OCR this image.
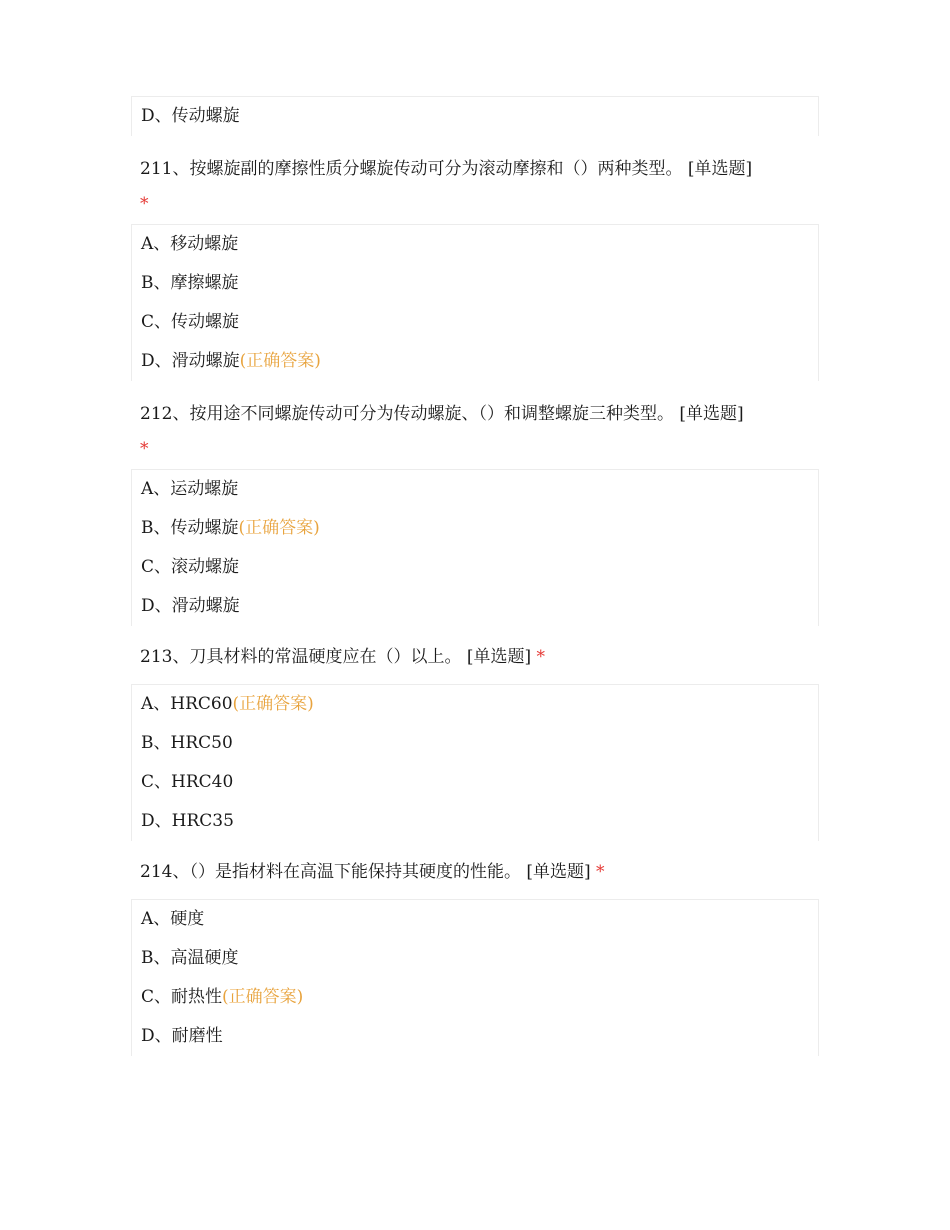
D、传动螺旋
211、按螺旋副的摩擦性质分螺旋传动可分为滚动摩擦和（）两种类型。 [单选题]
*
A、移动螺旋
B、摩擦螺旋
C、传动螺旋
D、滑动螺旋(正确答案)
212、按用途不同螺旋传动可分为传动螺旋、（）和调整螺旋三种类型。 [单选题]
*
A、运动螺旋
B、传动螺旋(正确答案)
C、滚动螺旋
D、滑动螺旋
213、刀具材料的常温硬度应在（）以上。 [单选题] *
A、HRC60(正确答案)
B、HRC50
C、HRC40
D、HRC35
214、（）是指材料在高温下能保持其硬度的性能。 [单选题] *
A、硬度
B、高温硬度
C、耐热性(正确答案)
D、耐磨性
